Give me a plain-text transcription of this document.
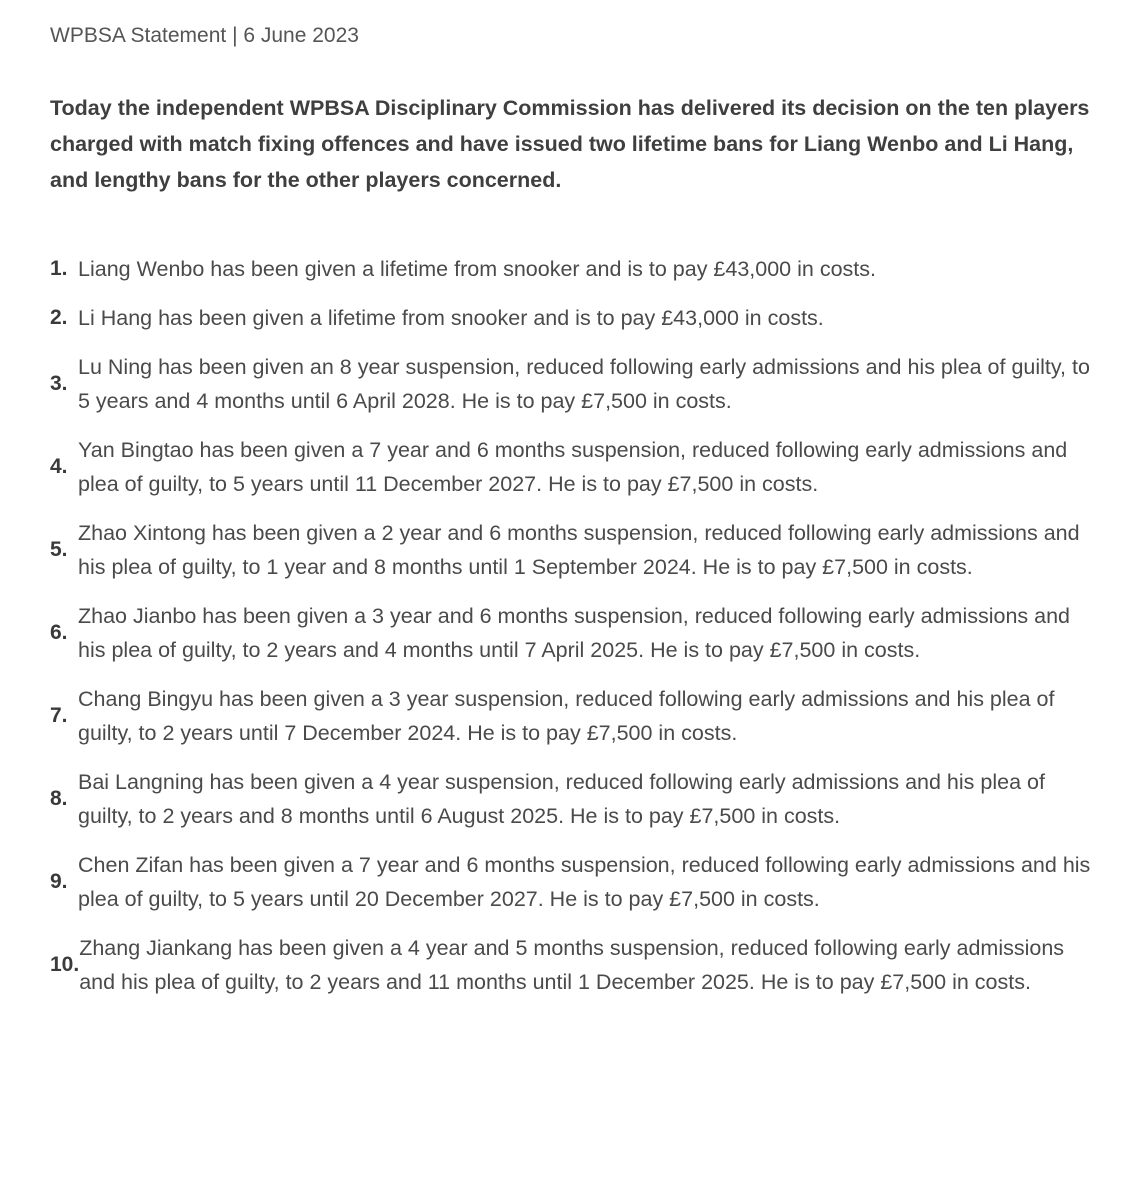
WPBSA Statement | 6 June 2023

Today the independent WPBSA Disciplinary Commission has delivered its decision on the ten players charged with match fixing offences and have issued two lifetime bans for Liang Wenbo and Li Hang, and lengthy bans for the other players concerned.

1. Liang Wenbo has been given a lifetime from snooker and is to pay £43,000 in costs.
2. Li Hang has been given a lifetime from snooker and is to pay £43,000 in costs.
3.
Lu Ning has been given an 8 year suspension, reduced following early admissions and his plea of guilty, to 5 years and 4 months until 6 April 2028. He is to pay £7,500 in costs.
4.
Yan Bingtao has been given a 7 year and 6 months suspension, reduced following early admissions and plea of guilty, to 5 years until 11 December 2027. He is to pay £7,500 in costs.
5.
Zhao Xintong has been given a 2 year and 6 months suspension, reduced following early admissions and his plea of guilty, to 1 year and 8 months until 1 September 2024. He is to pay £7,500 in costs.
6.
Zhao Jianbo has been given a 3 year and 6 months suspension, reduced following early admissions and his plea of guilty, to 2 years and 4 months until 7 April 2025. He is to pay £7,500 in costs.
7.
Chang Bingyu has been given a 3 year suspension, reduced following early admissions and his plea of guilty, to 2 years until 7 December 2024. He is to pay £7,500 in costs.
8.
Bai Langning has been given a 4 year suspension, reduced following early admissions and his plea of guilty, to 2 years and 8 months until 6 August 2025. He is to pay £7,500 in costs.
9.
Chen Zifan has been given a 7 year and 6 months suspension, reduced following early admissions and his plea of guilty, to 5 years until 20 December 2027. He is to pay £7,500 in costs.
10.
Zhang Jiankang has been given a 4 year and 5 months suspension, reduced following early admissions and his plea of guilty, to 2 years and 11 months until 1 December 2025. He is to pay £7,500 in costs.
